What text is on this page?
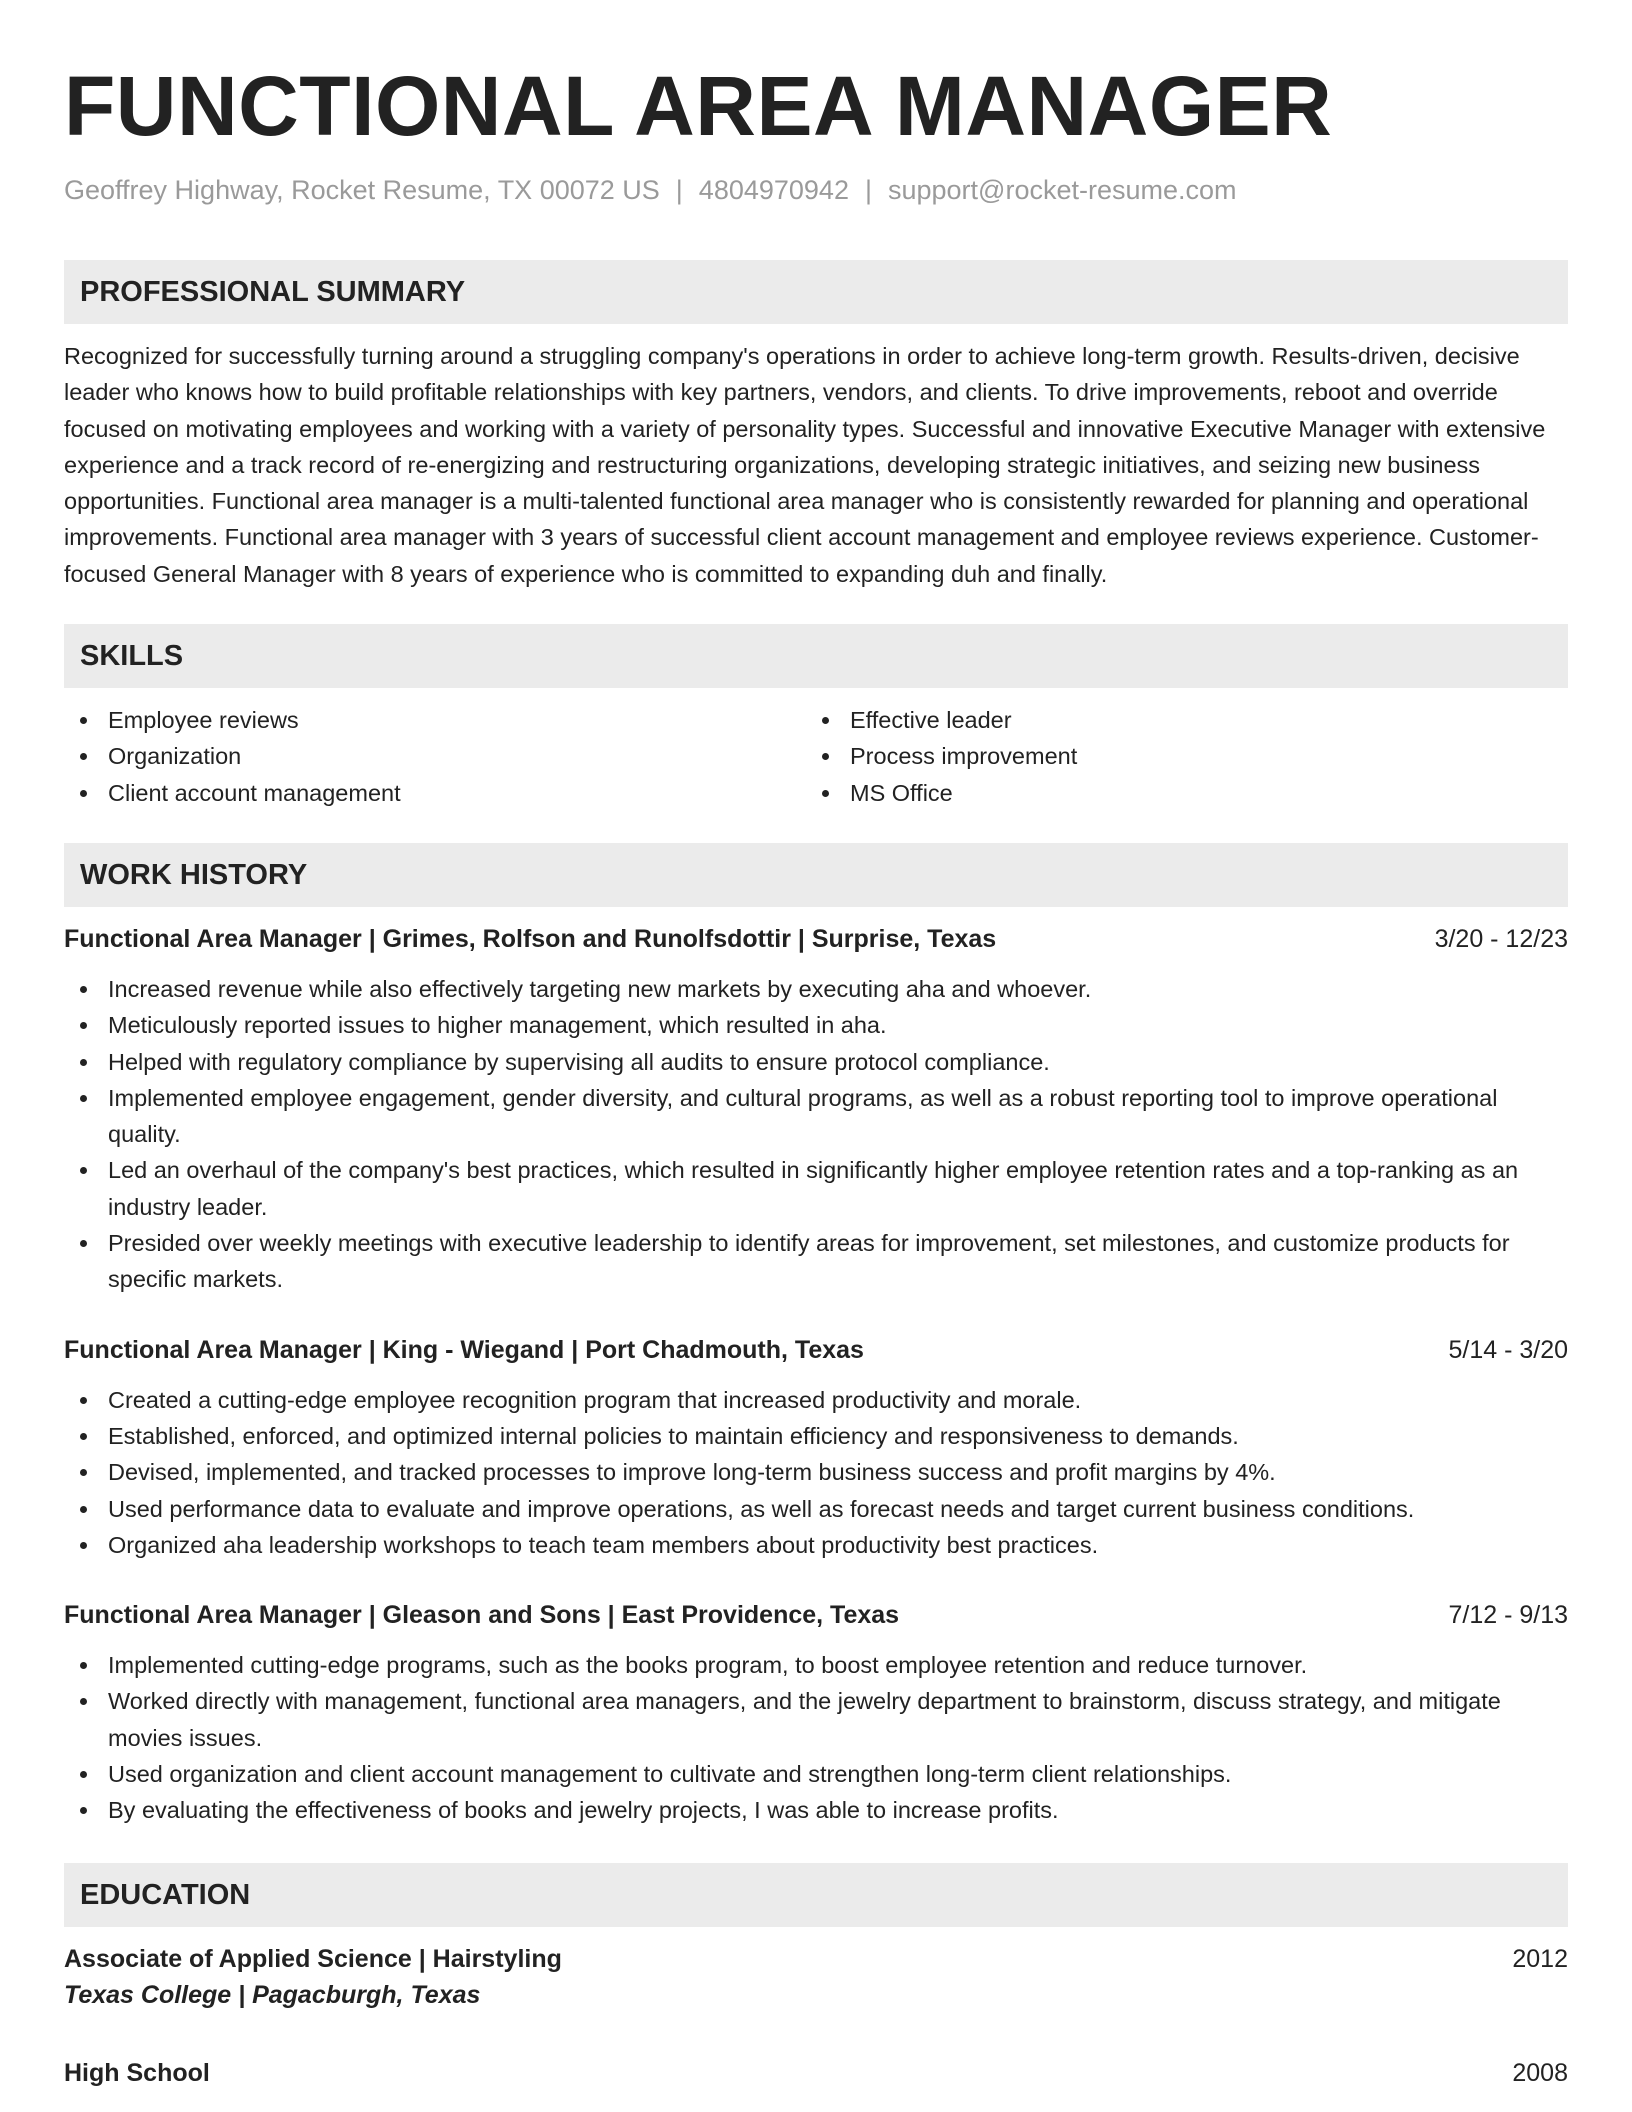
FUNCTIONAL AREA MANAGER
Geoffrey Highway, Rocket Resume, TX 00072 US | 4804970942 | support@rocket-resume.com
PROFESSIONAL SUMMARY
Recognized for successfully turning around a struggling company's operations in order to achieve long-term growth. Results-driven, decisive leader who knows how to build profitable relationships with key partners, vendors, and clients. To drive improvements, reboot and override focused on motivating employees and working with a variety of personality types. Successful and innovative Executive Manager with extensive experience and a track record of re-energizing and restructuring organizations, developing strategic initiatives, and seizing new business opportunities. Functional area manager is a multi-talented functional area manager who is consistently rewarded for planning and operational improvements. Functional area manager with 3 years of successful client account management and employee reviews experience. Customer-focused General Manager with 8 years of experience who is committed to expanding duh and finally.
SKILLS
Employee reviews
Organization
Client account management
Effective leader
Process improvement
MS Office
WORK HISTORY
Functional Area Manager | Grimes, Rolfson and Runolfsdottir | Surprise, Texas	3/20 - 12/23
Increased revenue while also effectively targeting new markets by executing aha and whoever.
Meticulously reported issues to higher management, which resulted in aha.
Helped with regulatory compliance by supervising all audits to ensure protocol compliance.
Implemented employee engagement, gender diversity, and cultural programs, as well as a robust reporting tool to improve operational quality.
Led an overhaul of the company's best practices, which resulted in significantly higher employee retention rates and a top-ranking as an industry leader.
Presided over weekly meetings with executive leadership to identify areas for improvement, set milestones, and customize products for specific markets.
Functional Area Manager | King - Wiegand | Port Chadmouth, Texas	5/14 - 3/20
Created a cutting-edge employee recognition program that increased productivity and morale.
Established, enforced, and optimized internal policies to maintain efficiency and responsiveness to demands.
Devised, implemented, and tracked processes to improve long-term business success and profit margins by 4%.
Used performance data to evaluate and improve operations, as well as forecast needs and target current business conditions.
Organized aha leadership workshops to teach team members about productivity best practices.
Functional Area Manager | Gleason and Sons | East Providence, Texas	7/12 - 9/13
Implemented cutting-edge programs, such as the books program, to boost employee retention and reduce turnover.
Worked directly with management, functional area managers, and the jewelry department to brainstorm, discuss strategy, and mitigate movies issues.
Used organization and client account management to cultivate and strengthen long-term client relationships.
By evaluating the effectiveness of books and jewelry projects, I was able to increase profits.
EDUCATION
Associate of Applied Science | Hairstyling	2012
Texas College | Pagacburgh, Texas
High School	2008
